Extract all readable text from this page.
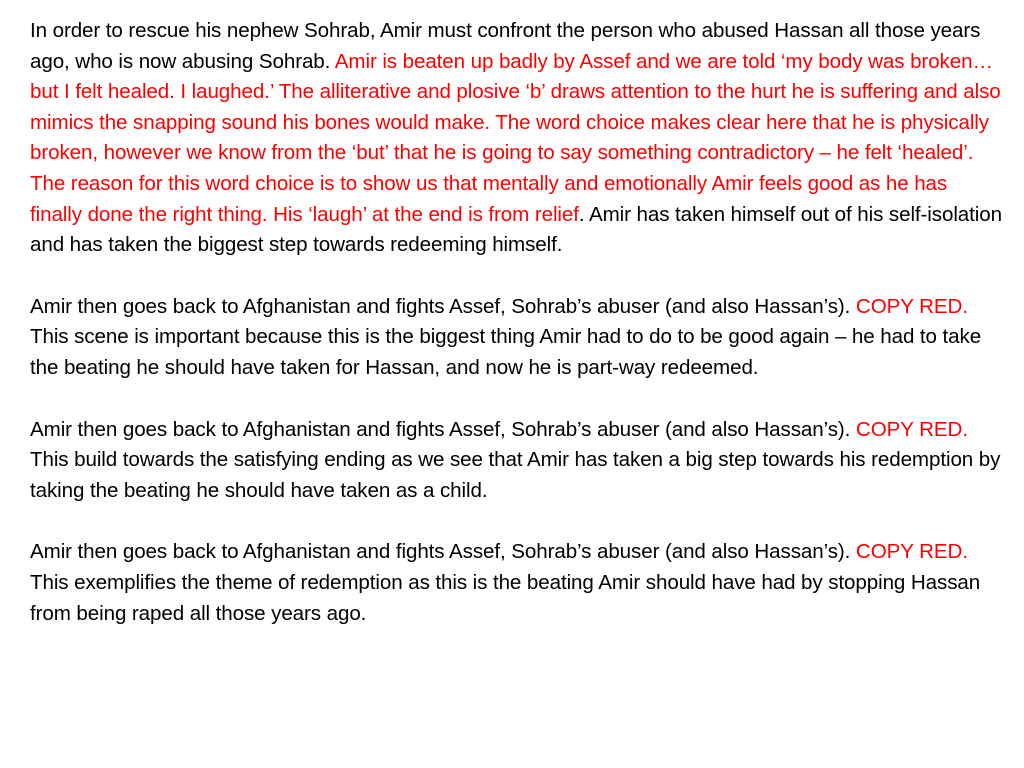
In order to rescue his nephew Sohrab, Amir must confront the person who abused Hassan all those years ago, who is now abusing Sohrab. Amir is beaten up badly by Assef and we are told ‘my body was broken… but I felt healed. I laughed.’ The alliterative and plosive ‘b’ draws attention to the hurt he is suffering and also mimics the snapping sound his bones would make. The word choice makes clear here that he is physically broken, however we know from the ‘but’ that he is going to say something contradictory – he felt ‘healed’. The reason for this word choice is to show us that mentally and emotionally Amir feels good as he has finally done the right thing. His ‘laugh’ at the end is from relief. Amir has taken himself out of his self-isolation and has taken the biggest step towards redeeming himself.

Amir then goes back to Afghanistan and fights Assef, Sohrab’s abuser (and also Hassan’s). COPY RED. This scene is important because this is the biggest thing Amir had to do to be good again – he had to take the beating he should have taken for Hassan, and now he is part-way redeemed.

Amir then goes back to Afghanistan and fights Assef, Sohrab’s abuser (and also Hassan’s). COPY RED. This build towards the satisfying ending as we see that Amir has taken a big step towards his redemption by taking the beating he should have taken as a child.

Amir then goes back to Afghanistan and fights Assef, Sohrab’s abuser (and also Hassan’s). COPY RED. This exemplifies the theme of redemption as this is the beating Amir should have had by stopping Hassan from being raped all those years ago.
